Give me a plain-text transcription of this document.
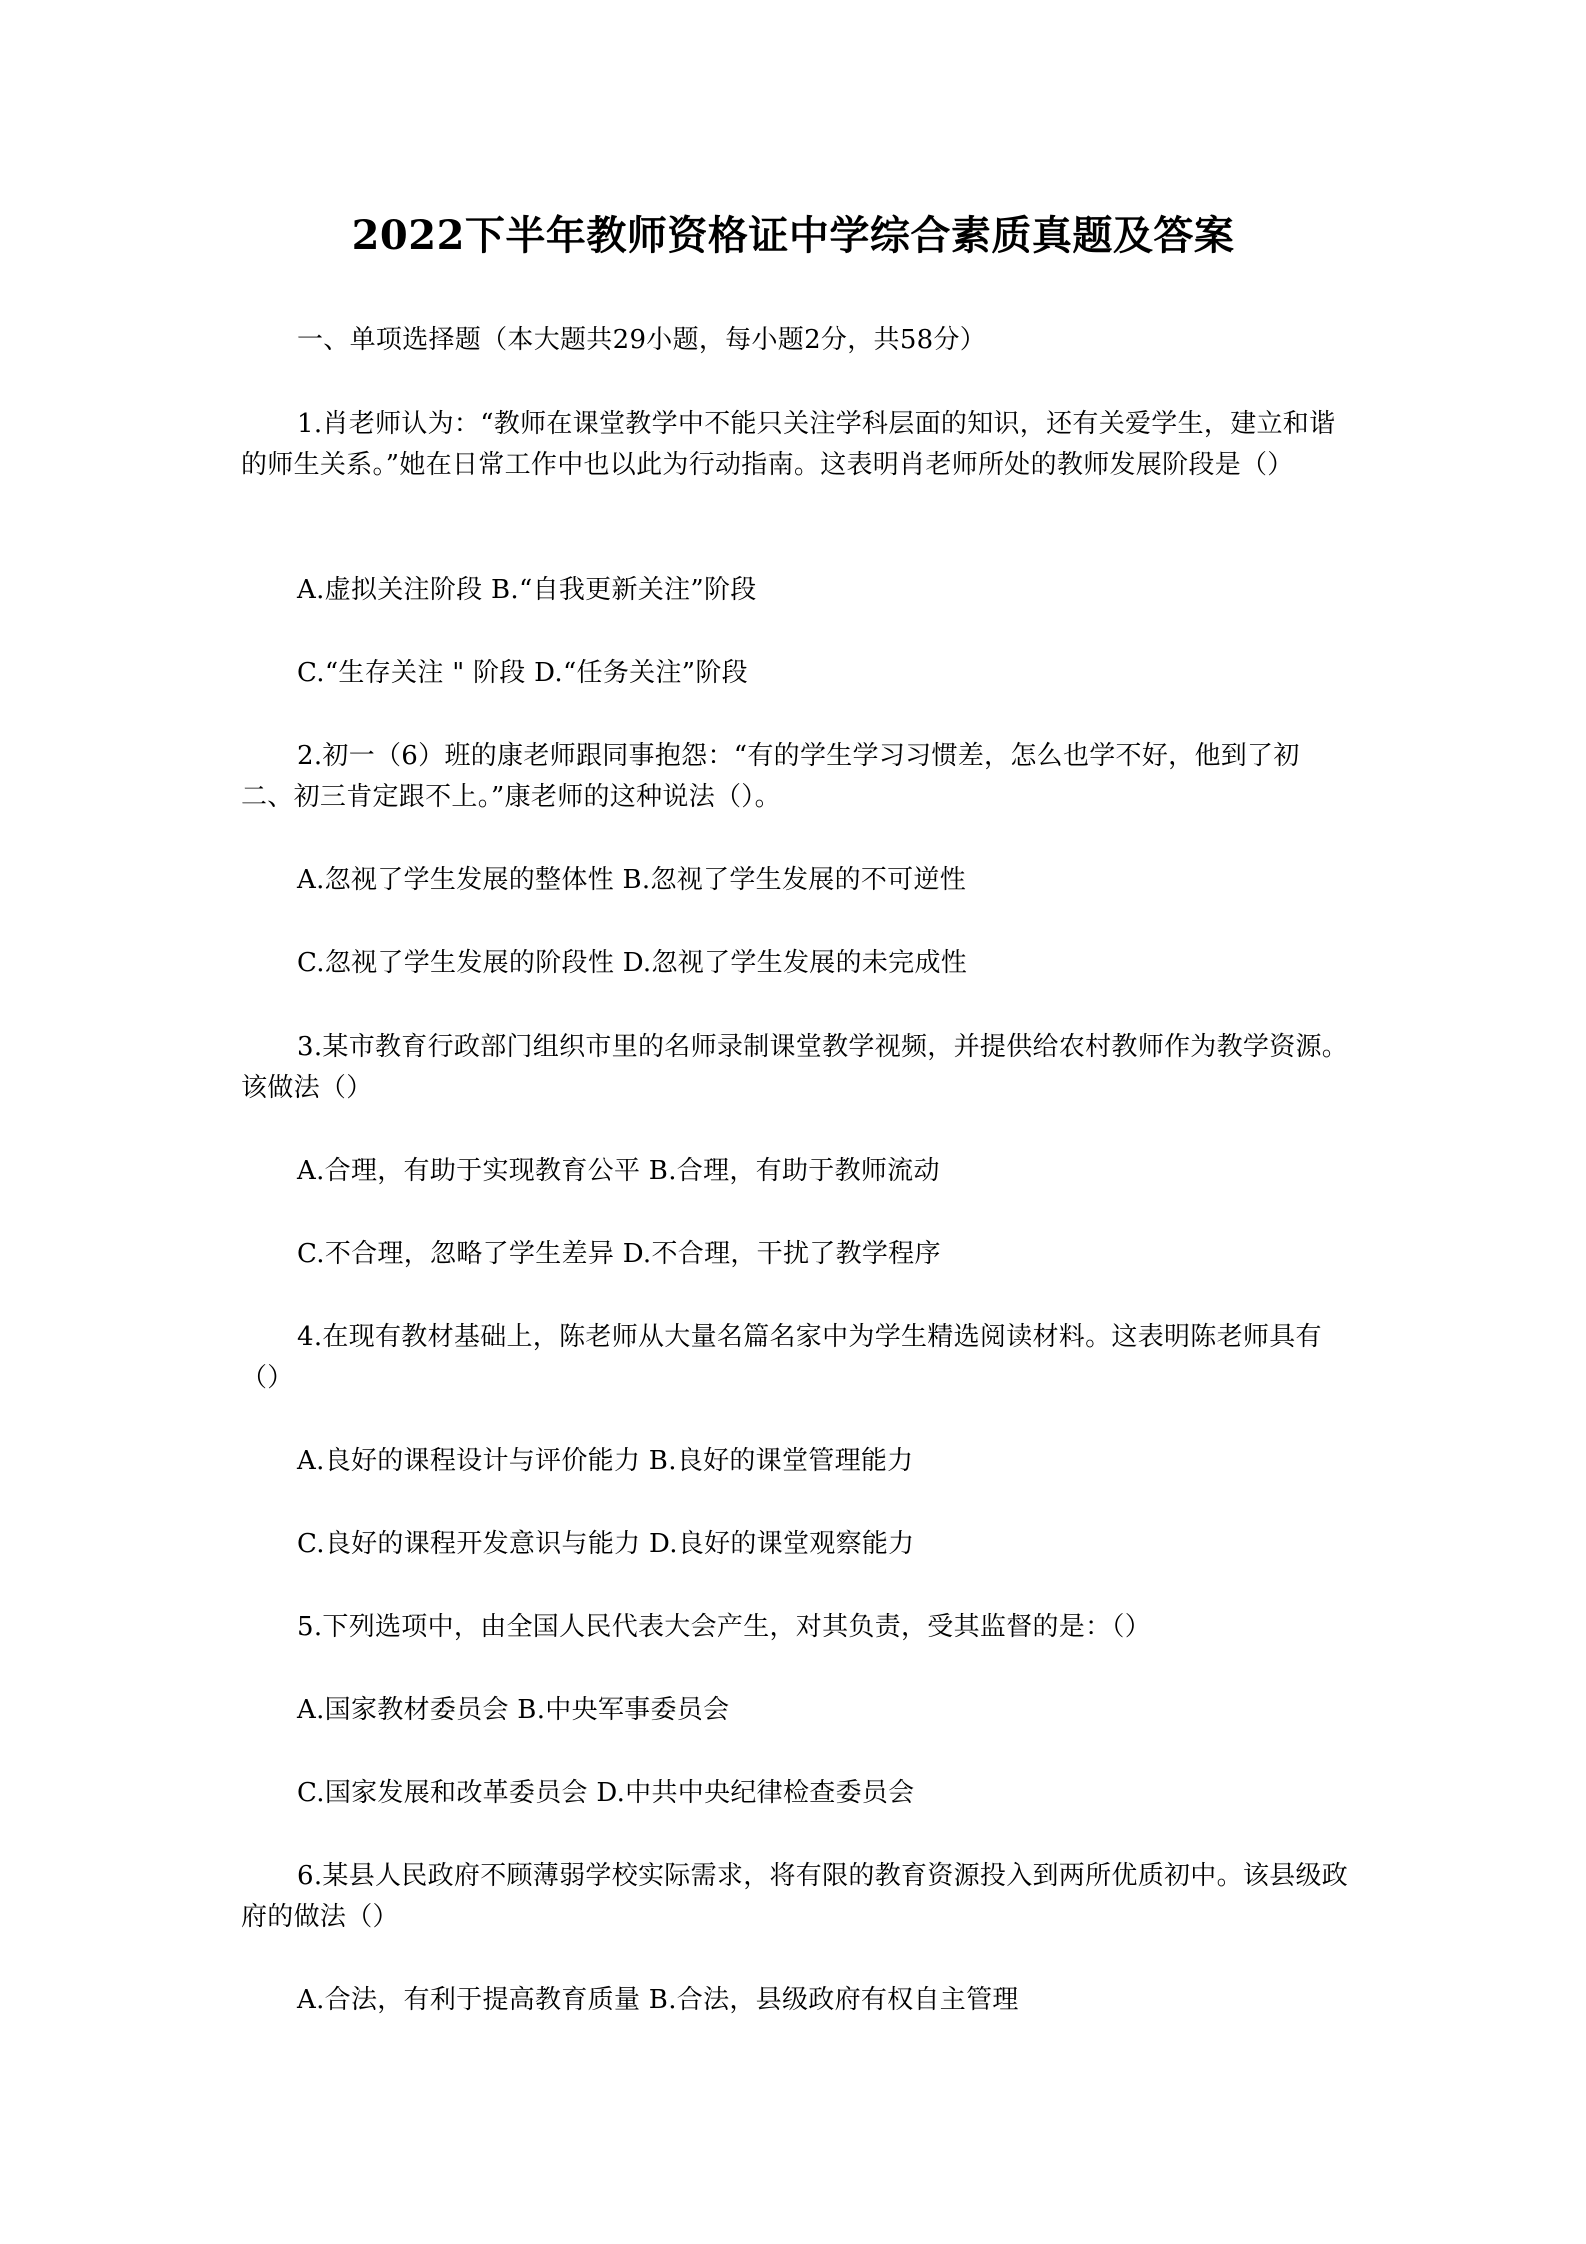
2022下半年教师资格证中学综合素质真题及答案
一、单项选择题（本大题共29小题，每小题2分，共58分）
1.肖老师认为：“教师在课堂教学中不能只关注学科层面的知识，还有关爱学生，建立和谐的师生关系。”她在日常工作中也以此为行动指南。这表明肖老师所处的教师发展阶段是（）
A.虚拟关注阶段 B.“自我更新关注”阶段
C.“生存关注 " 阶段 D.“任务关注”阶段
2.初一（6）班的康老师跟同事抱怨：“有的学生学习习惯差，怎么也学不好，他到了初二、初三肯定跟不上。”康老师的这种说法（）。
A.忽视了学生发展的整体性 B.忽视了学生发展的不可逆性
C.忽视了学生发展的阶段性 D.忽视了学生发展的未完成性
3.某市教育行政部门组织市里的名师录制课堂教学视频，并提供给农村教师作为教学资源。该做法（）
A.合理，有助于实现教育公平 B.合理，有助于教师流动
C.不合理，忽略了学生差异 D.不合理，干扰了教学程序
4.在现有教材基础上，陈老师从大量名篇名家中为学生精选阅读材料。这表明陈老师具有（）
A.良好的课程设计与评价能力 B.良好的课堂管理能力
C.良好的课程开发意识与能力 D.良好的课堂观察能力
5.下列选项中，由全国人民代表大会产生，对其负责，受其监督的是：（）
A.国家教材委员会 B.中央军事委员会
C.国家发展和改革委员会 D.中共中央纪律检查委员会
6.某县人民政府不顾薄弱学校实际需求，将有限的教育资源投入到两所优质初中。该县级政府的做法（）
A.合法，有利于提高教育质量 B.合法，县级政府有权自主管理
